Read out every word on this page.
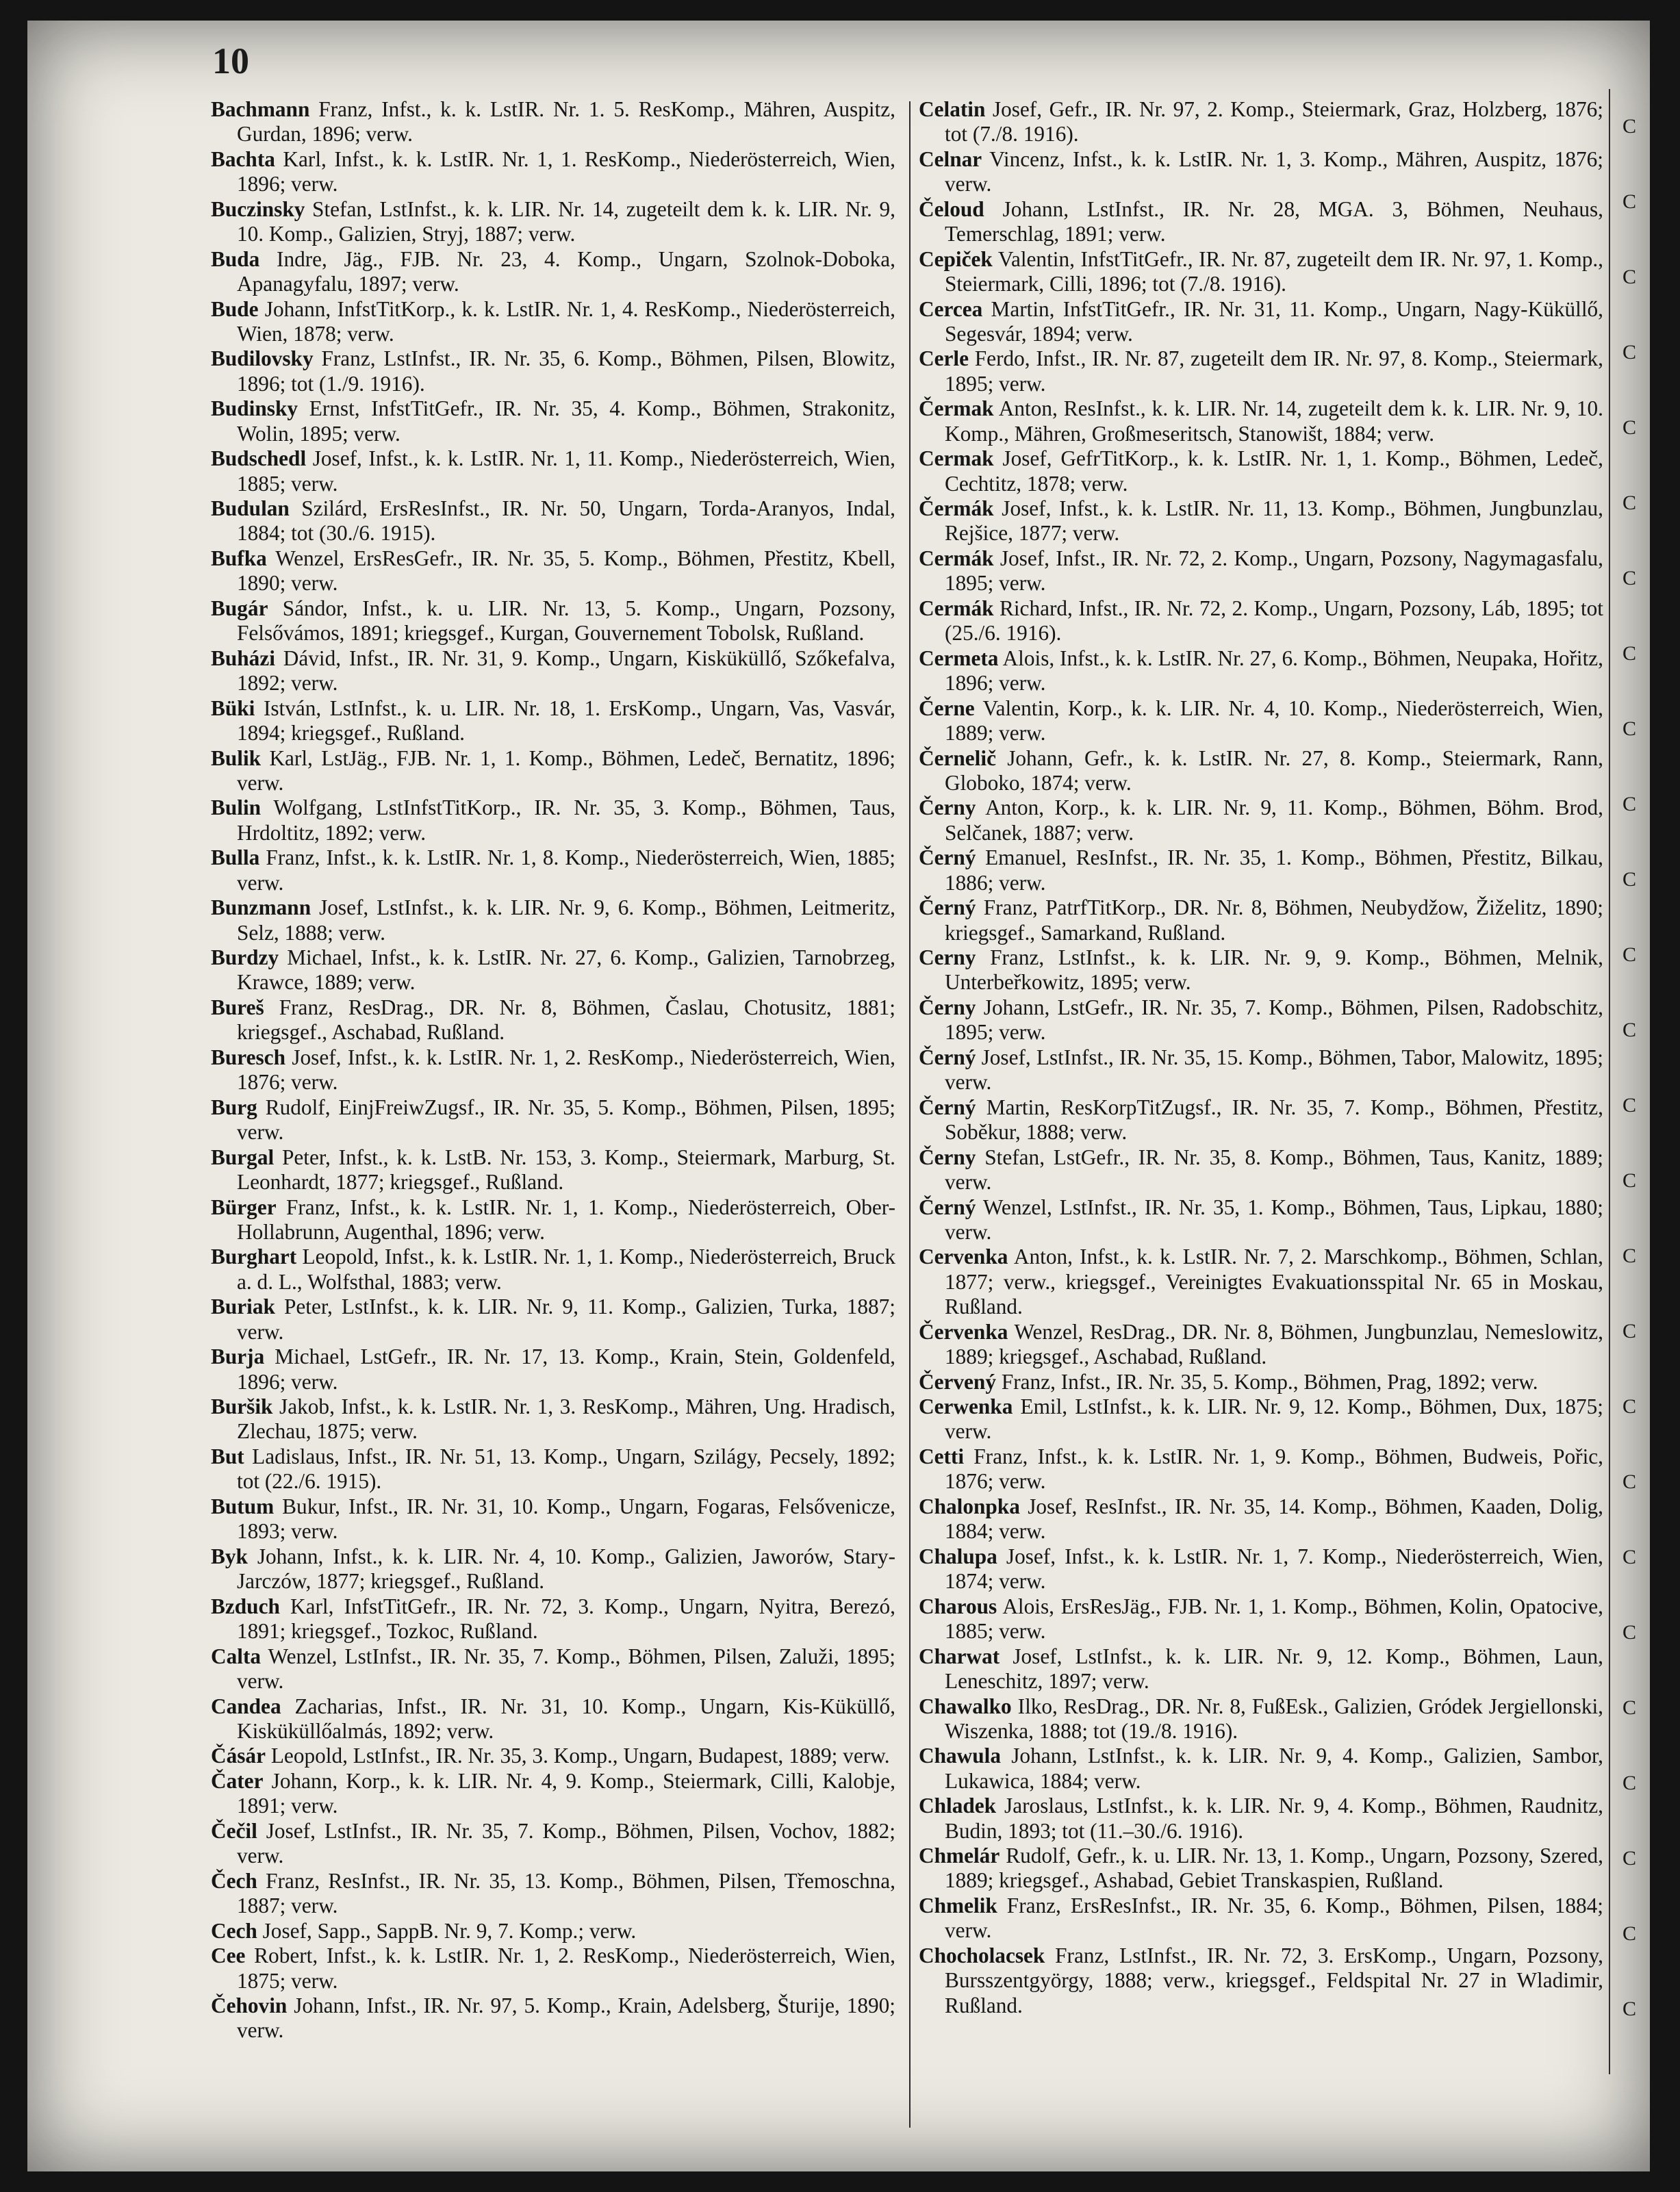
10

Bachmann Franz, Infst., k. k. LstIR. Nr. 1. 5. ResKomp., Mähren, Auspitz, Gurdan, 1896; verw.

Bachta Karl, Infst., k. k. LstIR. Nr. 1, 1. ResKomp., Niederösterreich, Wien, 1896; verw.

Buczinsky Stefan, LstInfst., k. k. LIR. Nr. 14, zugeteilt dem k. k. LIR. Nr. 9, 10. Komp., Galizien, Stryj, 1887; verw.

Buda Indre, Jäg., FJB. Nr. 23, 4. Komp., Ungarn, Szolnok-Doboka, Apanagyfalu, 1897; verw.

Bude Johann, InfstTitKorp., k. k. LstIR. Nr. 1, 4. ResKomp., Niederösterreich, Wien, 1878; verw.

Budilovsky Franz, LstInfst., IR. Nr. 35, 6. Komp., Böhmen, Pilsen, Blowitz, 1896; tot (1./9. 1916).

Budinsky Ernst, InfstTitGefr., IR. Nr. 35, 4. Komp., Böhmen, Strakonitz, Wolin, 1895; verw.

Budschedl Josef, Infst., k. k. LstIR. Nr. 1, 11. Komp., Niederösterreich, Wien, 1885; verw.

Budulan Szilárd, ErsResInfst., IR. Nr. 50, Ungarn, Torda-Aranyos, Indal, 1884; tot (30./6. 1915).

Bufka Wenzel, ErsResGefr., IR. Nr. 35, 5. Komp., Böhmen, Přestitz, Kbell, 1890; verw.

Bugár Sándor, Infst., k. u. LIR. Nr. 13, 5. Komp., Ungarn, Pozsony, Felsővámos, 1891; kriegsgef., Kurgan, Gouvernement Tobolsk, Rußland.

Buházi Dávid, Infst., IR. Nr. 31, 9. Komp., Ungarn, Kisküküllő, Szőkefalva, 1892; verw.

Büki István, LstInfst., k. u. LIR. Nr. 18, 1. ErsKomp., Ungarn, Vas, Vasvár, 1894; kriegsgef., Rußland.

Bulik Karl, LstJäg., FJB. Nr. 1, 1. Komp., Böhmen, Ledeč, Bernatitz, 1896; verw.

Bulin Wolfgang, LstInfstTitKorp., IR. Nr. 35, 3. Komp., Böhmen, Taus, Hrdoltitz, 1892; verw.

Bulla Franz, Infst., k. k. LstIR. Nr. 1, 8. Komp., Niederösterreich, Wien, 1885; verw.

Bunzmann Josef, LstInfst., k. k. LIR. Nr. 9, 6. Komp., Böhmen, Leitmeritz, Selz, 1888; verw.

Burdzy Michael, Infst., k. k. LstIR. Nr. 27, 6. Komp., Galizien, Tarnobrzeg, Krawce, 1889; verw.

Bureš Franz, ResDrag., DR. Nr. 8, Böhmen, Časlau, Chotusitz, 1881; kriegsgef., Aschabad, Rußland.

Buresch Josef, Infst., k. k. LstIR. Nr. 1, 2. ResKomp., Niederösterreich, Wien, 1876; verw.

Burg Rudolf, EinjFreiwZugsf., IR. Nr. 35, 5. Komp., Böhmen, Pilsen, 1895; verw.

Burgal Peter, Infst., k. k. LstB. Nr. 153, 3. Komp., Steiermark, Marburg, St. Leonhardt, 1877; kriegsgef., Rußland.

Bürger Franz, Infst., k. k. LstIR. Nr. 1, 1. Komp., Niederösterreich, Ober-Hollabrunn, Augenthal, 1896; verw.

Burghart Leopold, Infst., k. k. LstIR. Nr. 1, 1. Komp., Niederösterreich, Bruck a. d. L., Wolfsthal, 1883; verw.

Buriak Peter, LstInfst., k. k. LIR. Nr. 9, 11. Komp., Galizien, Turka, 1887; verw.

Burja Michael, LstGefr., IR. Nr. 17, 13. Komp., Krain, Stein, Goldenfeld, 1896; verw.

Buršik Jakob, Infst., k. k. LstIR. Nr. 1, 3. ResKomp., Mähren, Ung. Hradisch, Zlechau, 1875; verw.

But Ladislaus, Infst., IR. Nr. 51, 13. Komp., Ungarn, Szilágy, Pecsely, 1892; tot (22./6. 1915).

Butum Bukur, Infst., IR. Nr. 31, 10. Komp., Ungarn, Fogaras, Felsővenicze, 1893; verw.

Byk Johann, Infst., k. k. LIR. Nr. 4, 10. Komp., Galizien, Jaworów, Stary-Jarczów, 1877; kriegsgef., Rußland.

Bzduch Karl, InfstTitGefr., IR. Nr. 72, 3. Komp., Ungarn, Nyitra, Berezó, 1891; kriegsgef., Tozkoc, Rußland.

Calta Wenzel, LstInfst., IR. Nr. 35, 7. Komp., Böhmen, Pilsen, Zaluži, 1895; verw.

Candea Zacharias, Infst., IR. Nr. 31, 10. Komp., Ungarn, Kis-Küküllő, Kisküküllőalmás, 1892; verw.

Čásár Leopold, LstInfst., IR. Nr. 35, 3. Komp., Ungarn, Budapest, 1889; verw.

Čater Johann, Korp., k. k. LIR. Nr. 4, 9. Komp., Steiermark, Cilli, Kalobje, 1891; verw.

Čečil Josef, LstInfst., IR. Nr. 35, 7. Komp., Böhmen, Pilsen, Vochov, 1882; verw.

Čech Franz, ResInfst., IR. Nr. 35, 13. Komp., Böhmen, Pilsen, Třemoschna, 1887; verw.

Cech Josef, Sapp., SappB. Nr. 9, 7. Komp.; verw.

Cee Robert, Infst., k. k. LstIR. Nr. 1, 2. ResKomp., Niederösterreich, Wien, 1875; verw.

Čehovin Johann, Infst., IR. Nr. 97, 5. Komp., Krain, Adelsberg, Šturije, 1890; verw.

Celatin Josef, Gefr., IR. Nr. 97, 2. Komp., Steiermark, Graz, Holzberg, 1876; tot (7./8. 1916).

Celnar Vincenz, Infst., k. k. LstIR. Nr. 1, 3. Komp., Mähren, Auspitz, 1876; verw.

Čeloud Johann, LstInfst., IR. Nr. 28, MGA. 3, Böhmen, Neuhaus, Temerschlag, 1891; verw.

Cepiček Valentin, InfstTitGefr., IR. Nr. 87, zugeteilt dem IR. Nr. 97, 1. Komp., Steiermark, Cilli, 1896; tot (7./8. 1916).

Cercea Martin, InfstTitGefr., IR. Nr. 31, 11. Komp., Ungarn, Nagy-Küküllő, Segesvár, 1894; verw.

Cerle Ferdo, Infst., IR. Nr. 87, zugeteilt dem IR. Nr. 97, 8. Komp., Steiermark, 1895; verw.

Čermak Anton, ResInfst., k. k. LIR. Nr. 14, zugeteilt dem k. k. LIR. Nr. 9, 10. Komp., Mähren, Großmeseritsch, Stanowišt, 1884; verw.

Cermak Josef, GefrTitKorp., k. k. LstIR. Nr. 1, 1. Komp., Böhmen, Ledeč, Cechtitz, 1878; verw.

Čermák Josef, Infst., k. k. LstIR. Nr. 11, 13. Komp., Böhmen, Jungbunzlau, Rejšice, 1877; verw.

Cermák Josef, Infst., IR. Nr. 72, 2. Komp., Ungarn, Pozsony, Nagymagasfalu, 1895; verw.

Cermák Richard, Infst., IR. Nr. 72, 2. Komp., Ungarn, Pozsony, Láb, 1895; tot (25./6. 1916).

Cermeta Alois, Infst., k. k. LstIR. Nr. 27, 6. Komp., Böhmen, Neupaka, Hořitz, 1896; verw.

Černe Valentin, Korp., k. k. LIR. Nr. 4, 10. Komp., Niederösterreich, Wien, 1889; verw.

Černelič Johann, Gefr., k. k. LstIR. Nr. 27, 8. Komp., Steiermark, Rann, Globoko, 1874; verw.

Černy Anton, Korp., k. k. LIR. Nr. 9, 11. Komp., Böhmen, Böhm. Brod, Selčanek, 1887; verw.

Černý Emanuel, ResInfst., IR. Nr. 35, 1. Komp., Böhmen, Přestitz, Bilkau, 1886; verw.

Černý Franz, PatrfTitKorp., DR. Nr. 8, Böhmen, Neubydžow, Žiželitz, 1890; kriegsgef., Samarkand, Rußland.

Cerny Franz, LstInfst., k. k. LIR. Nr. 9, 9. Komp., Böhmen, Melnik, Unterbeřkowitz, 1895; verw.

Černy Johann, LstGefr., IR. Nr. 35, 7. Komp., Böhmen, Pilsen, Radobschitz, 1895; verw.

Černý Josef, LstInfst., IR. Nr. 35, 15. Komp., Böhmen, Tabor, Malowitz, 1895; verw.

Černý Martin, ResKorpTitZugsf., IR. Nr. 35, 7. Komp., Böhmen, Přestitz, Soběkur, 1888; verw.

Černy Stefan, LstGefr., IR. Nr. 35, 8. Komp., Böhmen, Taus, Kanitz, 1889; verw.

Černý Wenzel, LstInfst., IR. Nr. 35, 1. Komp., Böhmen, Taus, Lipkau, 1880; verw.

Cervenka Anton, Infst., k. k. LstIR. Nr. 7, 2. Marschkomp., Böhmen, Schlan, 1877; verw., kriegsgef., Vereinigtes Evakuationsspital Nr. 65 in Moskau, Rußland.

Červenka Wenzel, ResDrag., DR. Nr. 8, Böhmen, Jungbunzlau, Nemeslowitz, 1889; kriegsgef., Aschabad, Rußland.

Červený Franz, Infst., IR. Nr. 35, 5. Komp., Böhmen, Prag, 1892; verw.

Cerwenka Emil, LstInfst., k. k. LIR. Nr. 9, 12. Komp., Böhmen, Dux, 1875; verw.

Cetti Franz, Infst., k. k. LstIR. Nr. 1, 9. Komp., Böhmen, Budweis, Pořic, 1876; verw.

Chalonpka Josef, ResInfst., IR. Nr. 35, 14. Komp., Böhmen, Kaaden, Dolig, 1884; verw.

Chalupa Josef, Infst., k. k. LstIR. Nr. 1, 7. Komp., Niederösterreich, Wien, 1874; verw.

Charous Alois, ErsResJäg., FJB. Nr. 1, 1. Komp., Böhmen, Kolin, Opatocive, 1885; verw.

Charwat Josef, LstInfst., k. k. LIR. Nr. 9, 12. Komp., Böhmen, Laun, Leneschitz, 1897; verw.

Chawalko Ilko, ResDrag., DR. Nr. 8, FußEsk., Galizien, Gródek Jergiellonski, Wiszenka, 1888; tot (19./8. 1916).

Chawula Johann, LstInfst., k. k. LIR. Nr. 9, 4. Komp., Galizien, Sambor, Lukawica, 1884; verw.

Chladek Jaroslaus, LstInfst., k. k. LIR. Nr. 9, 4. Komp., Böhmen, Raudnitz, Budin, 1893; tot (11.–30./6. 1916).

Chmelár Rudolf, Gefr., k. u. LIR. Nr. 13, 1. Komp., Ungarn, Pozsony, Szered, 1889; kriegsgef., Ashabad, Gebiet Transkaspien, Rußland.

Chmelik Franz, ErsResInfst., IR. Nr. 35, 6. Komp., Böhmen, Pilsen, 1884; verw.

Chocholacsek Franz, LstInfst., IR. Nr. 72, 3. ErsKomp., Ungarn, Pozsony, Bursszentgyörgy, 1888; verw., kriegsgef., Feldspital Nr. 27 in Wladimir, Rußland.

C
C
C
C
C
C
C
C
C
C
C
C
C
C
C
C
C
C
C
C
C
C
C
C
C
C
